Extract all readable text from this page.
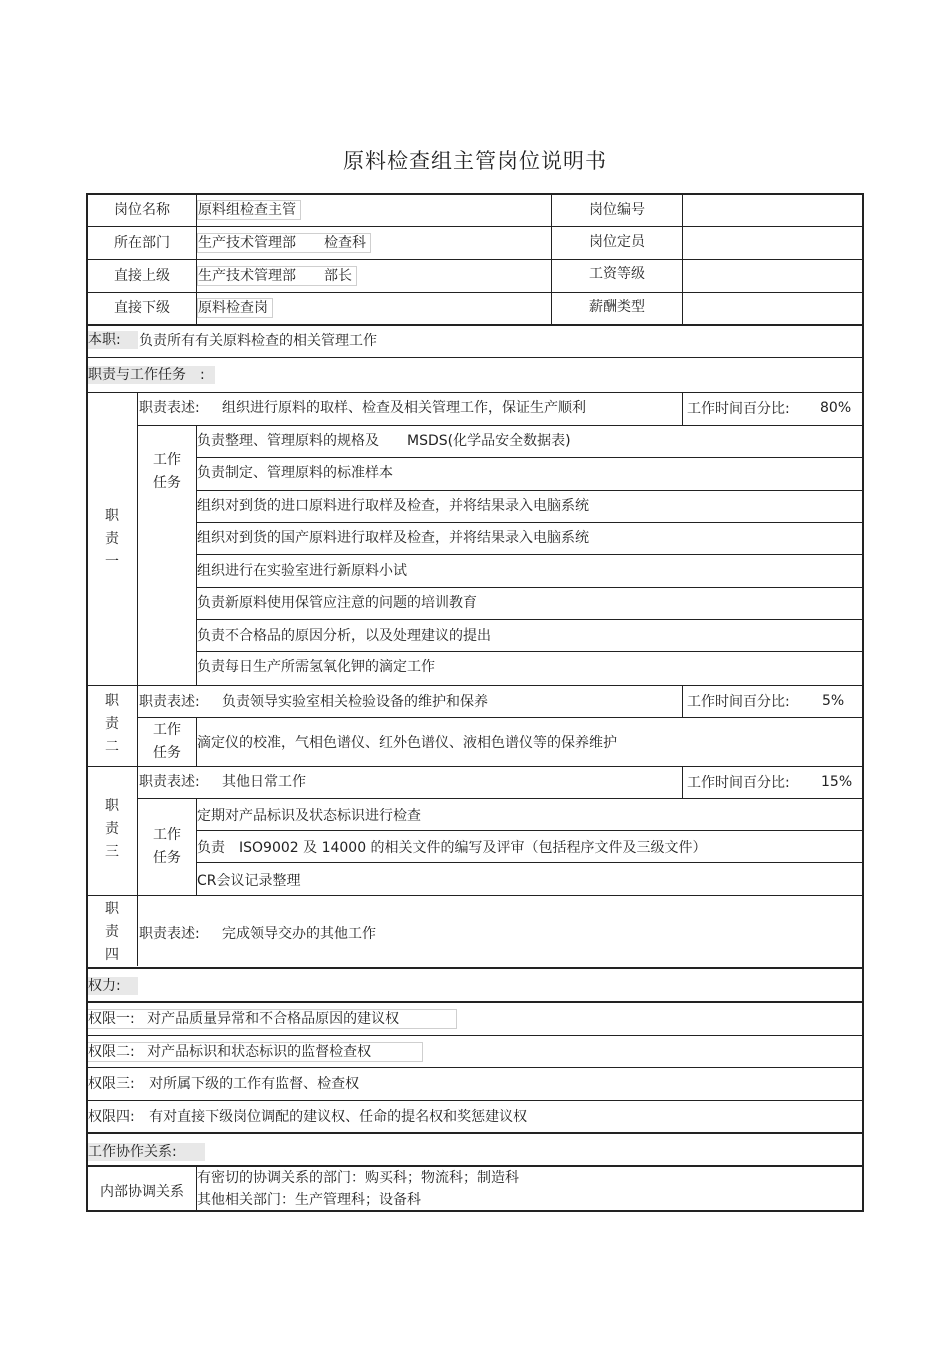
原料检查组主管岗位说明书
岗位名称	原料组检查主管	岗位编号
所在部门	生产技术管理部　　检查科	岗位定员
直接上级	生产技术管理部　　部长	工资等级
直接下级	原料检查岗	薪酬类型
本职:	负责所有有关原料检查的相关管理工作
职责与工作任务　:
职
责
一
职责表述: 组织进行原料的取样、检查及相关管理工作，保证生产顺利	工作时间百分比: 80%
工作
任务
负责整理、管理原料的规格及　　MSDS(化学品安全数据表)
负责制定、管理原料的标准样本
组织对到货的进口原料进行取样及检查，并将结果录入电脑系统
组织对到货的国产原料进行取样及检查，并将结果录入电脑系统
组织进行在实验室进行新原料小试
负责新原料使用保管应注意的问题的培训教育
负责不合格品的原因分析，以及处理建议的提出
负责每日生产所需氢氧化钾的滴定工作
职
责
二
职责表述: 负责领导实验室相关检验设备的维护和保养	工作时间百分比: 5%
工作
任务
滴定仪的校准，气相色谱仪、红外色谱仪、液相色谱仪等的保养维护
职
责
三
职责表述: 其他日常工作	工作时间百分比: 15%
工作
任务
定期对产品标识及状态标识进行检查
负责　ISO9002 及 14000 的相关文件的编写及评审（包括程序文件及三级文件）
CR会议记录整理
职
责
四
职责表述: 完成领导交办的其他工作
权力:
权限一: 对产品质量异常和不合格品原因的建议权
权限二: 对产品标识和状态标识的监督检查权
权限三: 对所属下级的工作有监督、检查权
权限四: 有对直接下级岗位调配的建议权、任命的提名权和奖惩建议权
工作协作关系:
内部协调关系
有密切的协调关系的部门：购买科；物流科；制造科
其他相关部门：生产管理科；设备科
